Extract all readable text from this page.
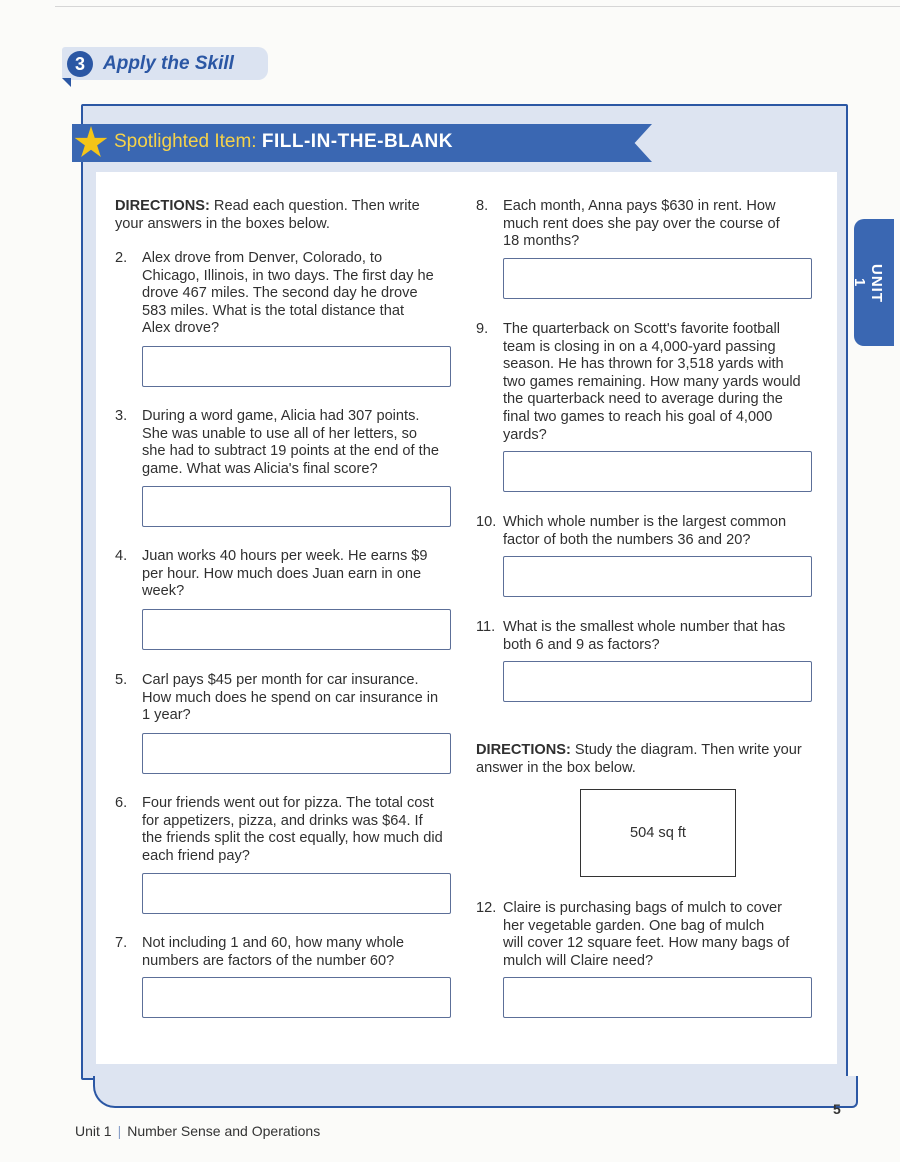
3 Apply the Skill
Spotlighted Item: FILL-IN-THE-BLANK
UNIT 1
DIRECTIONS: Read each question. Then write your answers in the boxes below.
2. Alex drove from Denver, Colorado, to
Chicago, Illinois, in two days. The first day he
drove 467 miles. The second day he drove
583 miles. What is the total distance that
Alex drove?
3. During a word game, Alicia had 307 points.
She was unable to use all of her letters, so
she had to subtract 19 points at the end of the
game. What was Alicia's final score?
4. Juan works 40 hours per week. He earns $9
per hour. How much does Juan earn in one
week?
5. Carl pays $45 per month for car insurance.
How much does he spend on car insurance in
1 year?
6. Four friends went out for pizza. The total cost
for appetizers, pizza, and drinks was $64. If
the friends split the cost equally, how much did
each friend pay?
7. Not including 1 and 60, how many whole
numbers are factors of the number 60?
8. Each month, Anna pays $630 in rent. How
much rent does she pay over the course of
18 months?
9. The quarterback on Scott's favorite football
team is closing in on a 4,000-yard passing
season. He has thrown for 3,518 yards with
two games remaining. How many yards would
the quarterback need to average during the
final two games to reach his goal of 4,000
yards?
10. Which whole number is the largest common
factor of both the numbers 36 and 20?
11. What is the smallest whole number that has
both 6 and 9 as factors?
DIRECTIONS: Study the diagram. Then write your answer in the box below.
504 sq ft
12. Claire is purchasing bags of mulch to cover
her vegetable garden. One bag of mulch
will cover 12 square feet. How many bags of
mulch will Claire need?
Unit 1 | Number Sense and Operations
5
